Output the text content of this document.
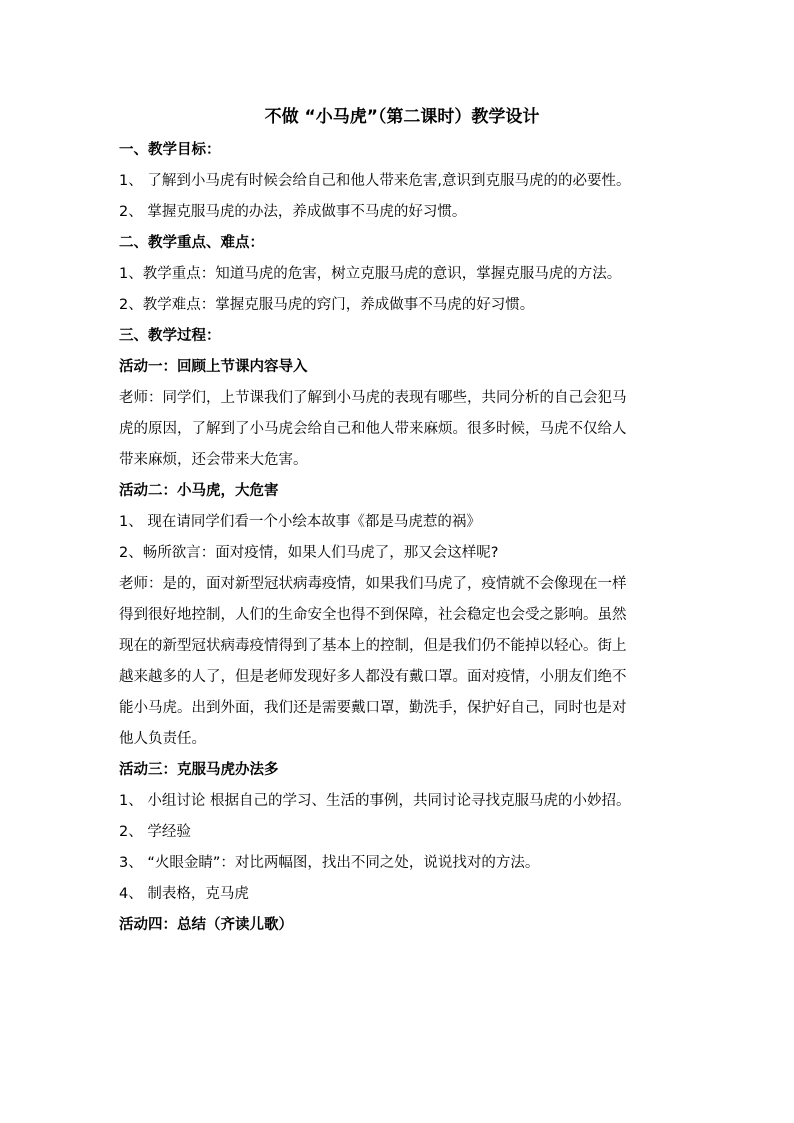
不做 “小马虎”（第二课时）教学设计
一、教学目标：
1、 了解到小马虎有时候会给自己和他人带来危害,意识到克服马虎的的必要性。
2、 掌握克服马虎的办法，养成做事不马虎的好习惯。
二、教学重点、难点：
1、教学重点：知道马虎的危害，树立克服马虎的意识，掌握克服马虎的方法。
2、教学难点：掌握克服马虎的窍门，养成做事不马虎的好习惯。
三、教学过程：
活动一：回顾上节课内容导入
老师：同学们，上节课我们了解到小马虎的表现有哪些，共同分析的自己会犯马
虎的原因，了解到了小马虎会给自己和他人带来麻烦。很多时候，马虎不仅给人
带来麻烦，还会带来大危害。
活动二：小马虎，大危害
1、 现在请同学们看一个小绘本故事《都是马虎惹的祸》
2、畅所欲言：面对疫情，如果人们马虎了，那又会这样呢?
老师：是的，面对新型冠状病毒疫情，如果我们马虎了，疫情就不会像现在一样
得到很好地控制，人们的生命安全也得不到保障，社会稳定也会受之影响。虽然
现在的新型冠状病毒疫情得到了基本上的控制，但是我们仍不能掉以轻心。街上
越来越多的人了，但是老师发现好多人都没有戴口罩。面对疫情，小朋友们绝不
能小马虎。出到外面，我们还是需要戴口罩，勤洗手，保护好自己，同时也是对
他人负责任。
活动三：克服马虎办法多
1、 小组讨论 根据自己的学习、生活的事例，共同讨论寻找克服马虎的小妙招。
2、 学经验
3、 “火眼金睛”：对比两幅图，找出不同之处，说说找对的方法。
4、 制表格，克马虎
活动四：总结（齐读儿歌）
